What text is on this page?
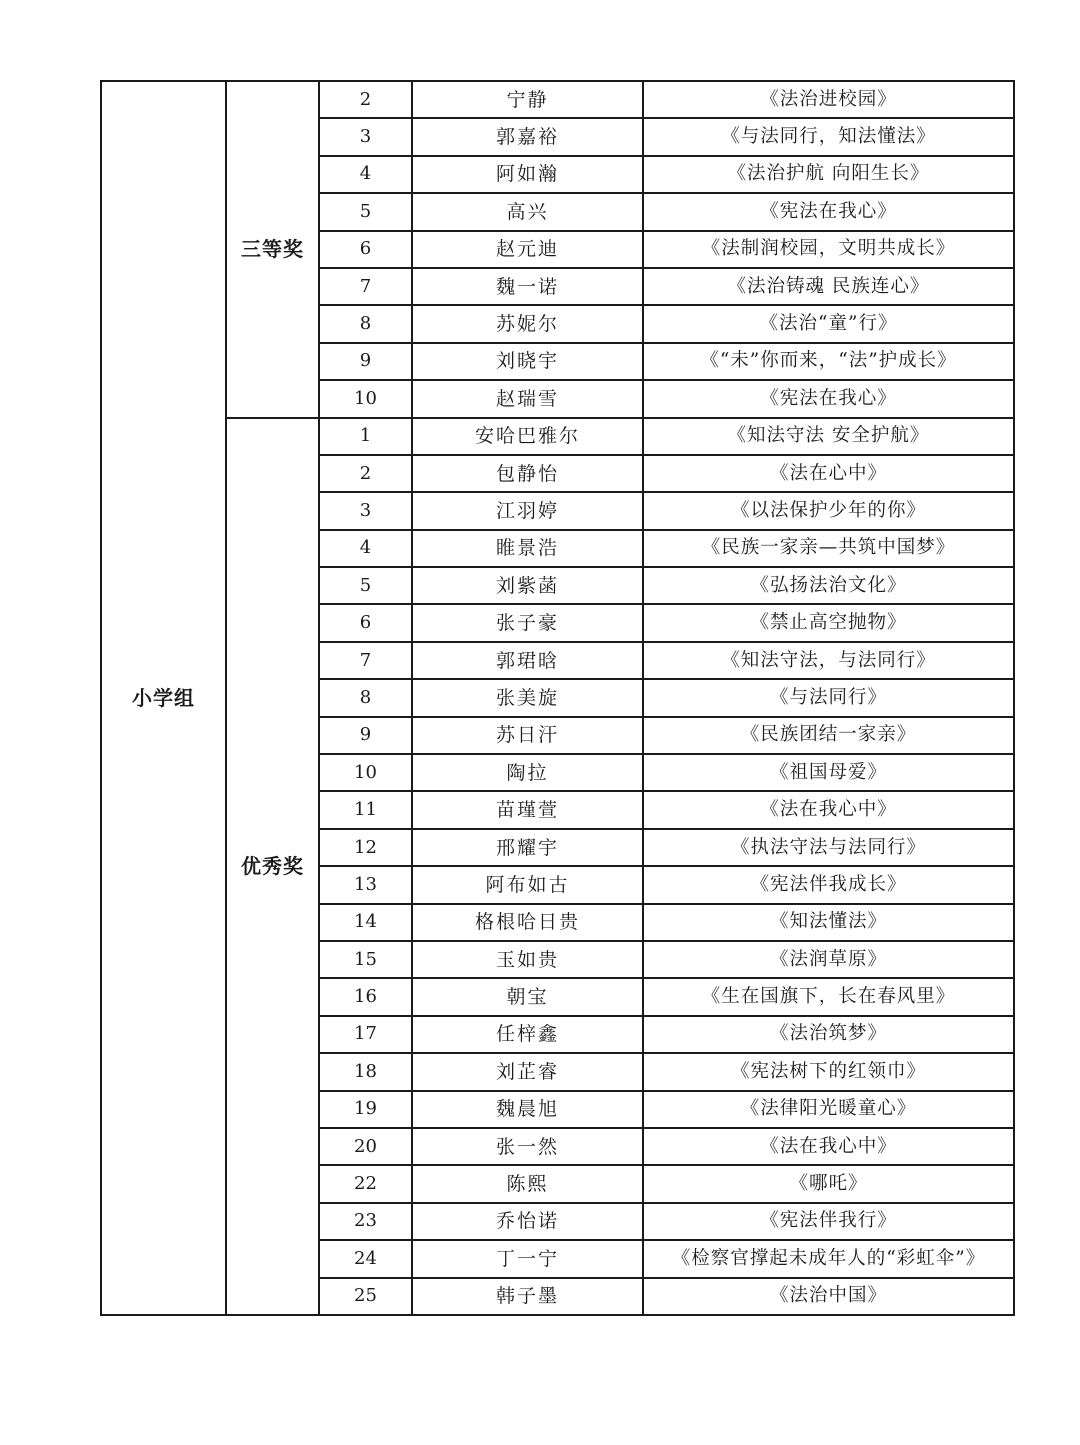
小学组	三等奖	2	宁静	《法治进校园》
		3	郭嘉裕	《与法同行，知法懂法》
		4	阿如瀚	《法治护航 向阳生长》
		5	高兴	《宪法在我心》
		6	赵元迪	《法制润校园，文明共成长》
		7	魏一诺	《法治铸魂 民族连心》
		8	苏妮尔	《法治“童”行》
		9	刘晓宇	《“未”你而来，“法”护成长》
		10	赵瑞雪	《宪法在我心》
	优秀奖	1	安哈巴雅尔	《知法守法 安全护航》
		2	包静怡	《法在心中》
		3	江羽婷	《以法保护少年的你》
		4	睢景浩	《民族一家亲—共筑中国梦》
		5	刘紫菡	《弘扬法治文化》
		6	张子豪	《禁止高空抛物》
		7	郭珺晗	《知法守法，与法同行》
		8	张美旋	《与法同行》
		9	苏日汗	《民族团结一家亲》
		10	陶拉	《祖国母爱》
		11	苗瑾萱	《法在我心中》
		12	邢耀宇	《执法守法与法同行》
		13	阿布如古	《宪法伴我成长》
		14	格根哈日贵	《知法懂法》
		15	玉如贵	《法润草原》
		16	朝宝	《生在国旗下，长在春风里》
		17	任梓鑫	《法治筑梦》
		18	刘芷睿	《宪法树下的红领巾》
		19	魏晨旭	《法律阳光暖童心》
		20	张一然	《法在我心中》
		22	陈熙	《哪吒》
		23	乔怡诺	《宪法伴我行》
		24	丁一宁	《检察官撑起未成年人的“彩虹伞”》
		25	韩子墨	《法治中国》
